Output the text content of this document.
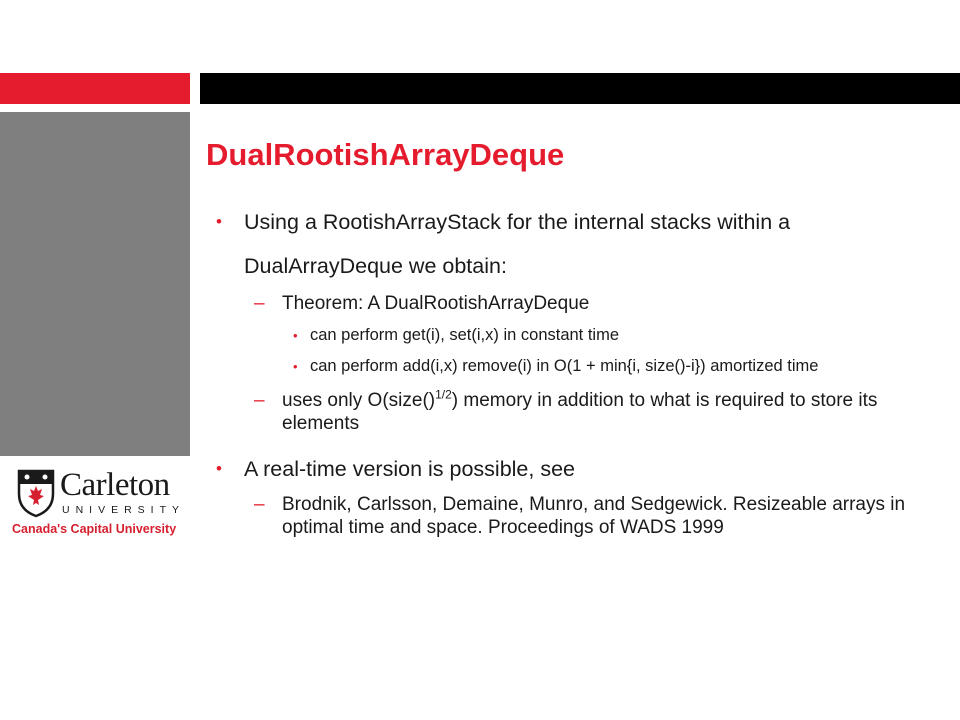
Carleton
UNIVERSITY
Canada's Capital University
DualRootishArrayDeque

• Using a RootishArrayStack for the internal stacks within a DualArrayDeque we obtain:

– Theorem: A DualRootishArrayDeque

• can perform get(i), set(i,x) in constant time

• can perform add(i,x) remove(i) in O(1 + min{i, size()-i}) amortized time

– uses only O(size()$^{1/2}$) memory in addition to what is required to store its elements

• A real-time version is possible, see

– Brodnik, Carlsson, Demaine, Munro, and Sedgewick. Resizeable arrays in optimal time and space. Proceedings of WADS 1999
